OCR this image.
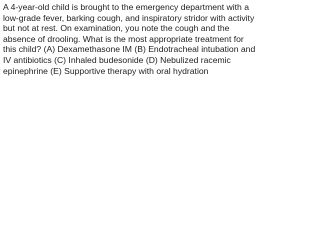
A 4-year-old child is brought to the emergency department with a low-grade fever, barking cough, and inspiratory stridor with activity but not at rest. On examination, you note the cough and the absence of drooling. What is the most appropriate treatment for this child? (A) Dexamethasone IM (B) Endotracheal intubation and IV antibiotics (C) Inhaled budesonide (D) Nebulized racemic epinephrine (E) Supportive therapy with oral hydration
